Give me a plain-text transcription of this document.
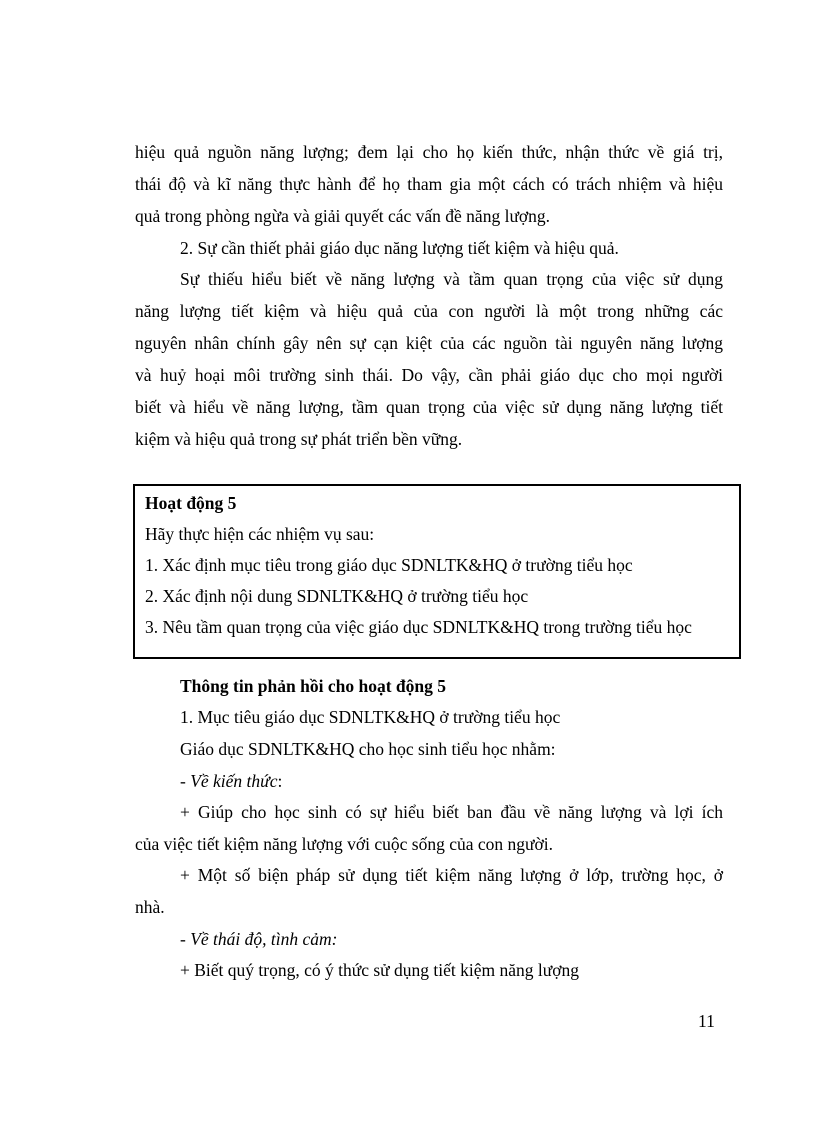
hiệu quả nguồn năng lượng; đem lại cho họ kiến thức, nhận thức về giá trị,
thái độ và kĩ năng thực hành để họ tham gia một cách có trách nhiệm và hiệu
quả trong phòng ngừa và giải quyết các vấn đề năng lượng.
2. Sự cần thiết phải giáo dục năng lượng tiết kiệm và hiệu quả.
Sự thiếu hiểu biết về năng lượng và tầm quan trọng của việc sử dụng
năng lượng tiết kiệm và hiệu quả của con người là một trong những các
nguyên nhân chính gây nên sự cạn kiệt của các nguồn tài nguyên năng lượng
và huỷ hoại môi trường sinh thái. Do vậy, cần phải giáo dục cho mọi người
biết và hiểu về năng lượng, tầm quan trọng của việc sử dụng năng lượng tiết
kiệm và hiệu quả trong sự phát triển bền vững.
Hoạt động 5
Hãy thực hiện các nhiệm vụ sau:
1. Xác định mục tiêu trong giáo dục SDNLTK&HQ ở trường tiểu học
2. Xác định nội dung SDNLTK&HQ ở trường tiểu học
3. Nêu tầm quan trọng của việc giáo dục SDNLTK&HQ trong trường tiểu học
Thông tin phản hồi cho hoạt động 5
1. Mục tiêu giáo dục SDNLTK&HQ ở trường tiểu học
Giáo dục SDNLTK&HQ cho học sinh tiểu học nhằm:
- Về kiến thức:
+ Giúp cho học sinh có sự hiểu biết ban đầu về năng lượng và lợi ích
của việc tiết kiệm năng lượng với cuộc sống của con người.
+ Một số biện pháp sử dụng tiết kiệm năng lượng ở lớp, trường học, ở
nhà.
- Về thái độ, tình cảm:
+ Biết quý trọng, có ý thức sử dụng tiết kiệm năng lượng
11
